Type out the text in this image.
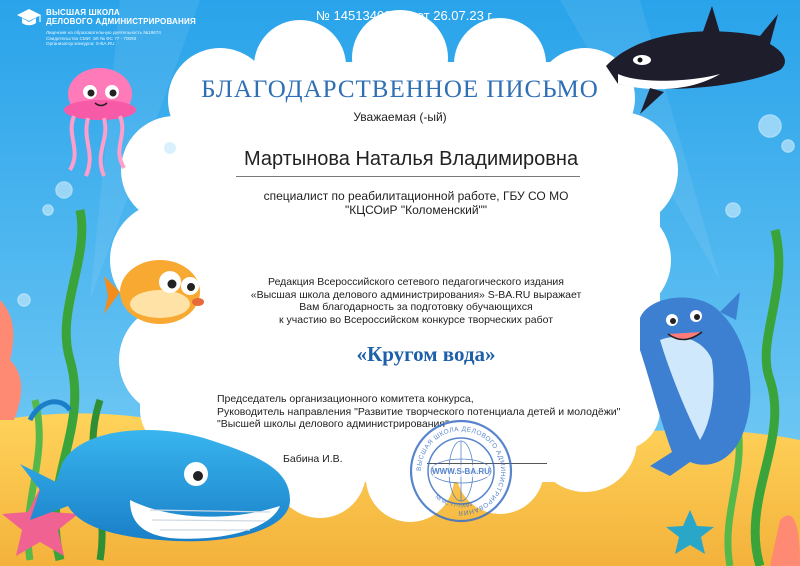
ВЫСШАЯ ШКОЛА
ДЕЛОВОГО АДМИНИСТРИРОВАНИЯ
Лицензия на образовательную деятельность №19674
Свидетельство СМИ: ЭЛ № ФС 77 - 70093
Организатор конкурса: S-BA.RU
№ 14513400278 от 26.07.23 г.
БЛАГОДАРСТВЕННОЕ ПИСЬМО
Уважаемая (-ый)
Мартынова Наталья Владимировна
специалист по реабилитационной работе, ГБУ СО МО
"КЦСОиР "Коломенский""
Редакция Всероссийского сетевого педагогического издания
«Высшая школа делового администрирования» S-BA.RU выражает
Вам благодарность за подготовку обучающихся
к участию во Всероссийском конкурсе творческих работ
«Кругом вода»
Председатель организационного комитета конкурса,
Руководитель направления "Развитие творческого потенциала детей и молодёжи"
"Высшей школы делового администрирования"
Бабина И.В.
ВЫСШАЯ ШКОЛА ДЕЛОВОГО АДМИНИСТРИРОВАНИЯ
№ ФС 77-70093
WWW.S-BA.RU
